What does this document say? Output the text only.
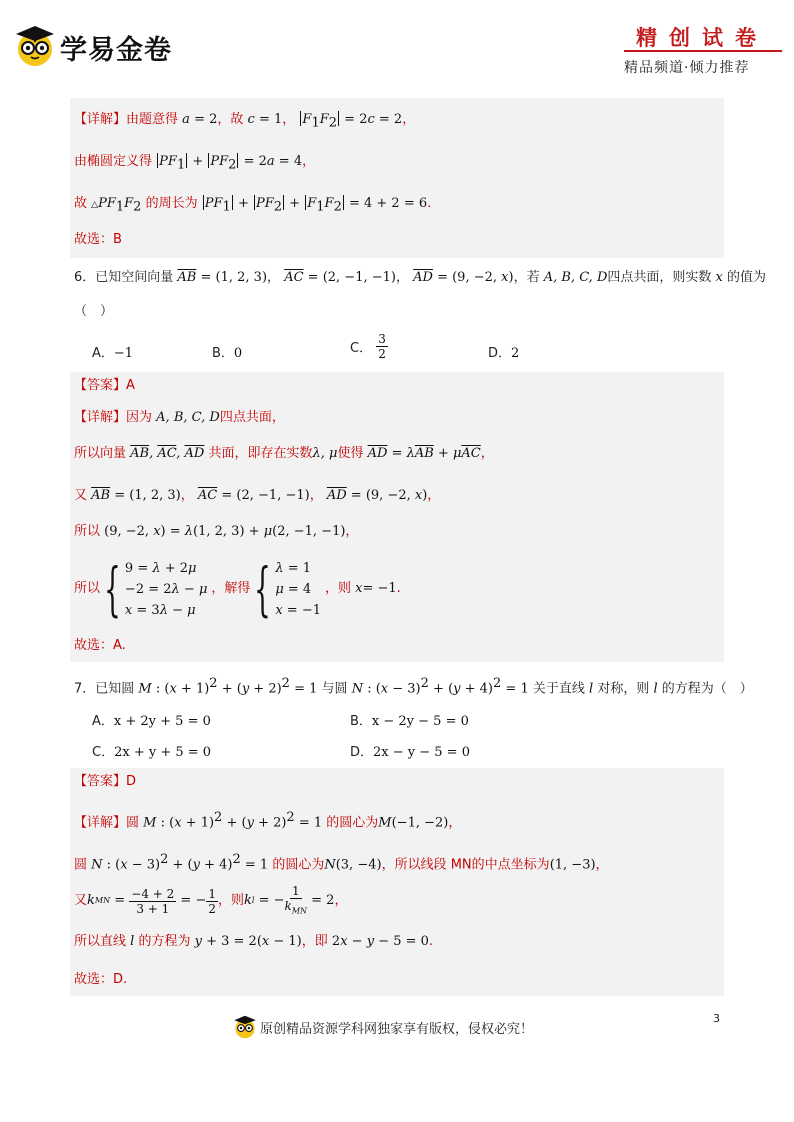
学易金卷	精创试卷
精品频道·倾力推荐
【详解】由题意得 a = 2，故 c = 1， $F_1F_2 = 2c = 2$，
由椭圆定义得 $PF_1 + PF_2 = 2a = 4$，
故 $\triangle PF_1F_2$ 的周长为 $PF_1 + PF_2 + F_1F_2 = 4 + 2 = 6$.
故选：B
6．已知空间向量 $\overline{AB} = (1$, 2, 3)， $\overline{AC} = (2$, −1, −1)， $\overline{AD} = (9$, −2, x)，若 A, B, C, D四点共面，则实数 x 的值为
（　）
A．−1	B．0	C． $\frac{3}{2}$	D．2
【答案】A
【详解】因为 A, B, C, D四点共面，
所以向量 $\overline{AB}$, $\overline{AC}$, $\overline{AD}$ 共面，即存在实数λ, μ使得 $\overline{AD} = \lambda\overline{AB} + \mu\overline{AC}$，
又 $\overline{AB} = (1$, 2, 3)， $\overline{AC} = (2$, −1, −1)， $\overline{AD} = (9$, −2, x)，
所以 (9, −2, x) = λ(1, 2, 3) + μ(2, −1, −1)，
所以 { 9 = λ + 2μ
−2 = 2λ − μ
x = 3λ − μ
，解得 { λ = 1
μ = 4
x = −1
，则 x = −1 .
故选：A.
7．已知圆 M : $(x + 1)^2 + (y + 2)^2 = 1$ 与圆 N : $(x - 3)^2 + (y + 4)^2 = 1$ 关于直线 l 对称，则 l 的方程为（　）
A．x + 2y + 5 = 0	B．x − 2y − 5 = 0
C．2x + y + 5 = 0	D．2x − y − 5 = 0
【答案】D
【详解】圆 M : $(x + 1)^2 + (y + 2)^2 = 1$ 的圆心为M(−1, −2)，
圆 N : $(x - 3)^2 + (y + 4)^2 = 1$ 的圆心为N(3, −4)，所以线段 MN的中点坐标为(1, −3)，
又 k MN = $\frac{-4 + 2}{3 + 1}$ = − $\frac{1}{2}$ ，则 k l = − $\frac{1}{k_{MN}} = 2$ ，
所以直线 l 的方程为 y + 3 = 2(x − 1)，即 2x − y − 5 = 0.
故选：D.
原创精品资源学科网独家享有版权，侵权必究！
3
